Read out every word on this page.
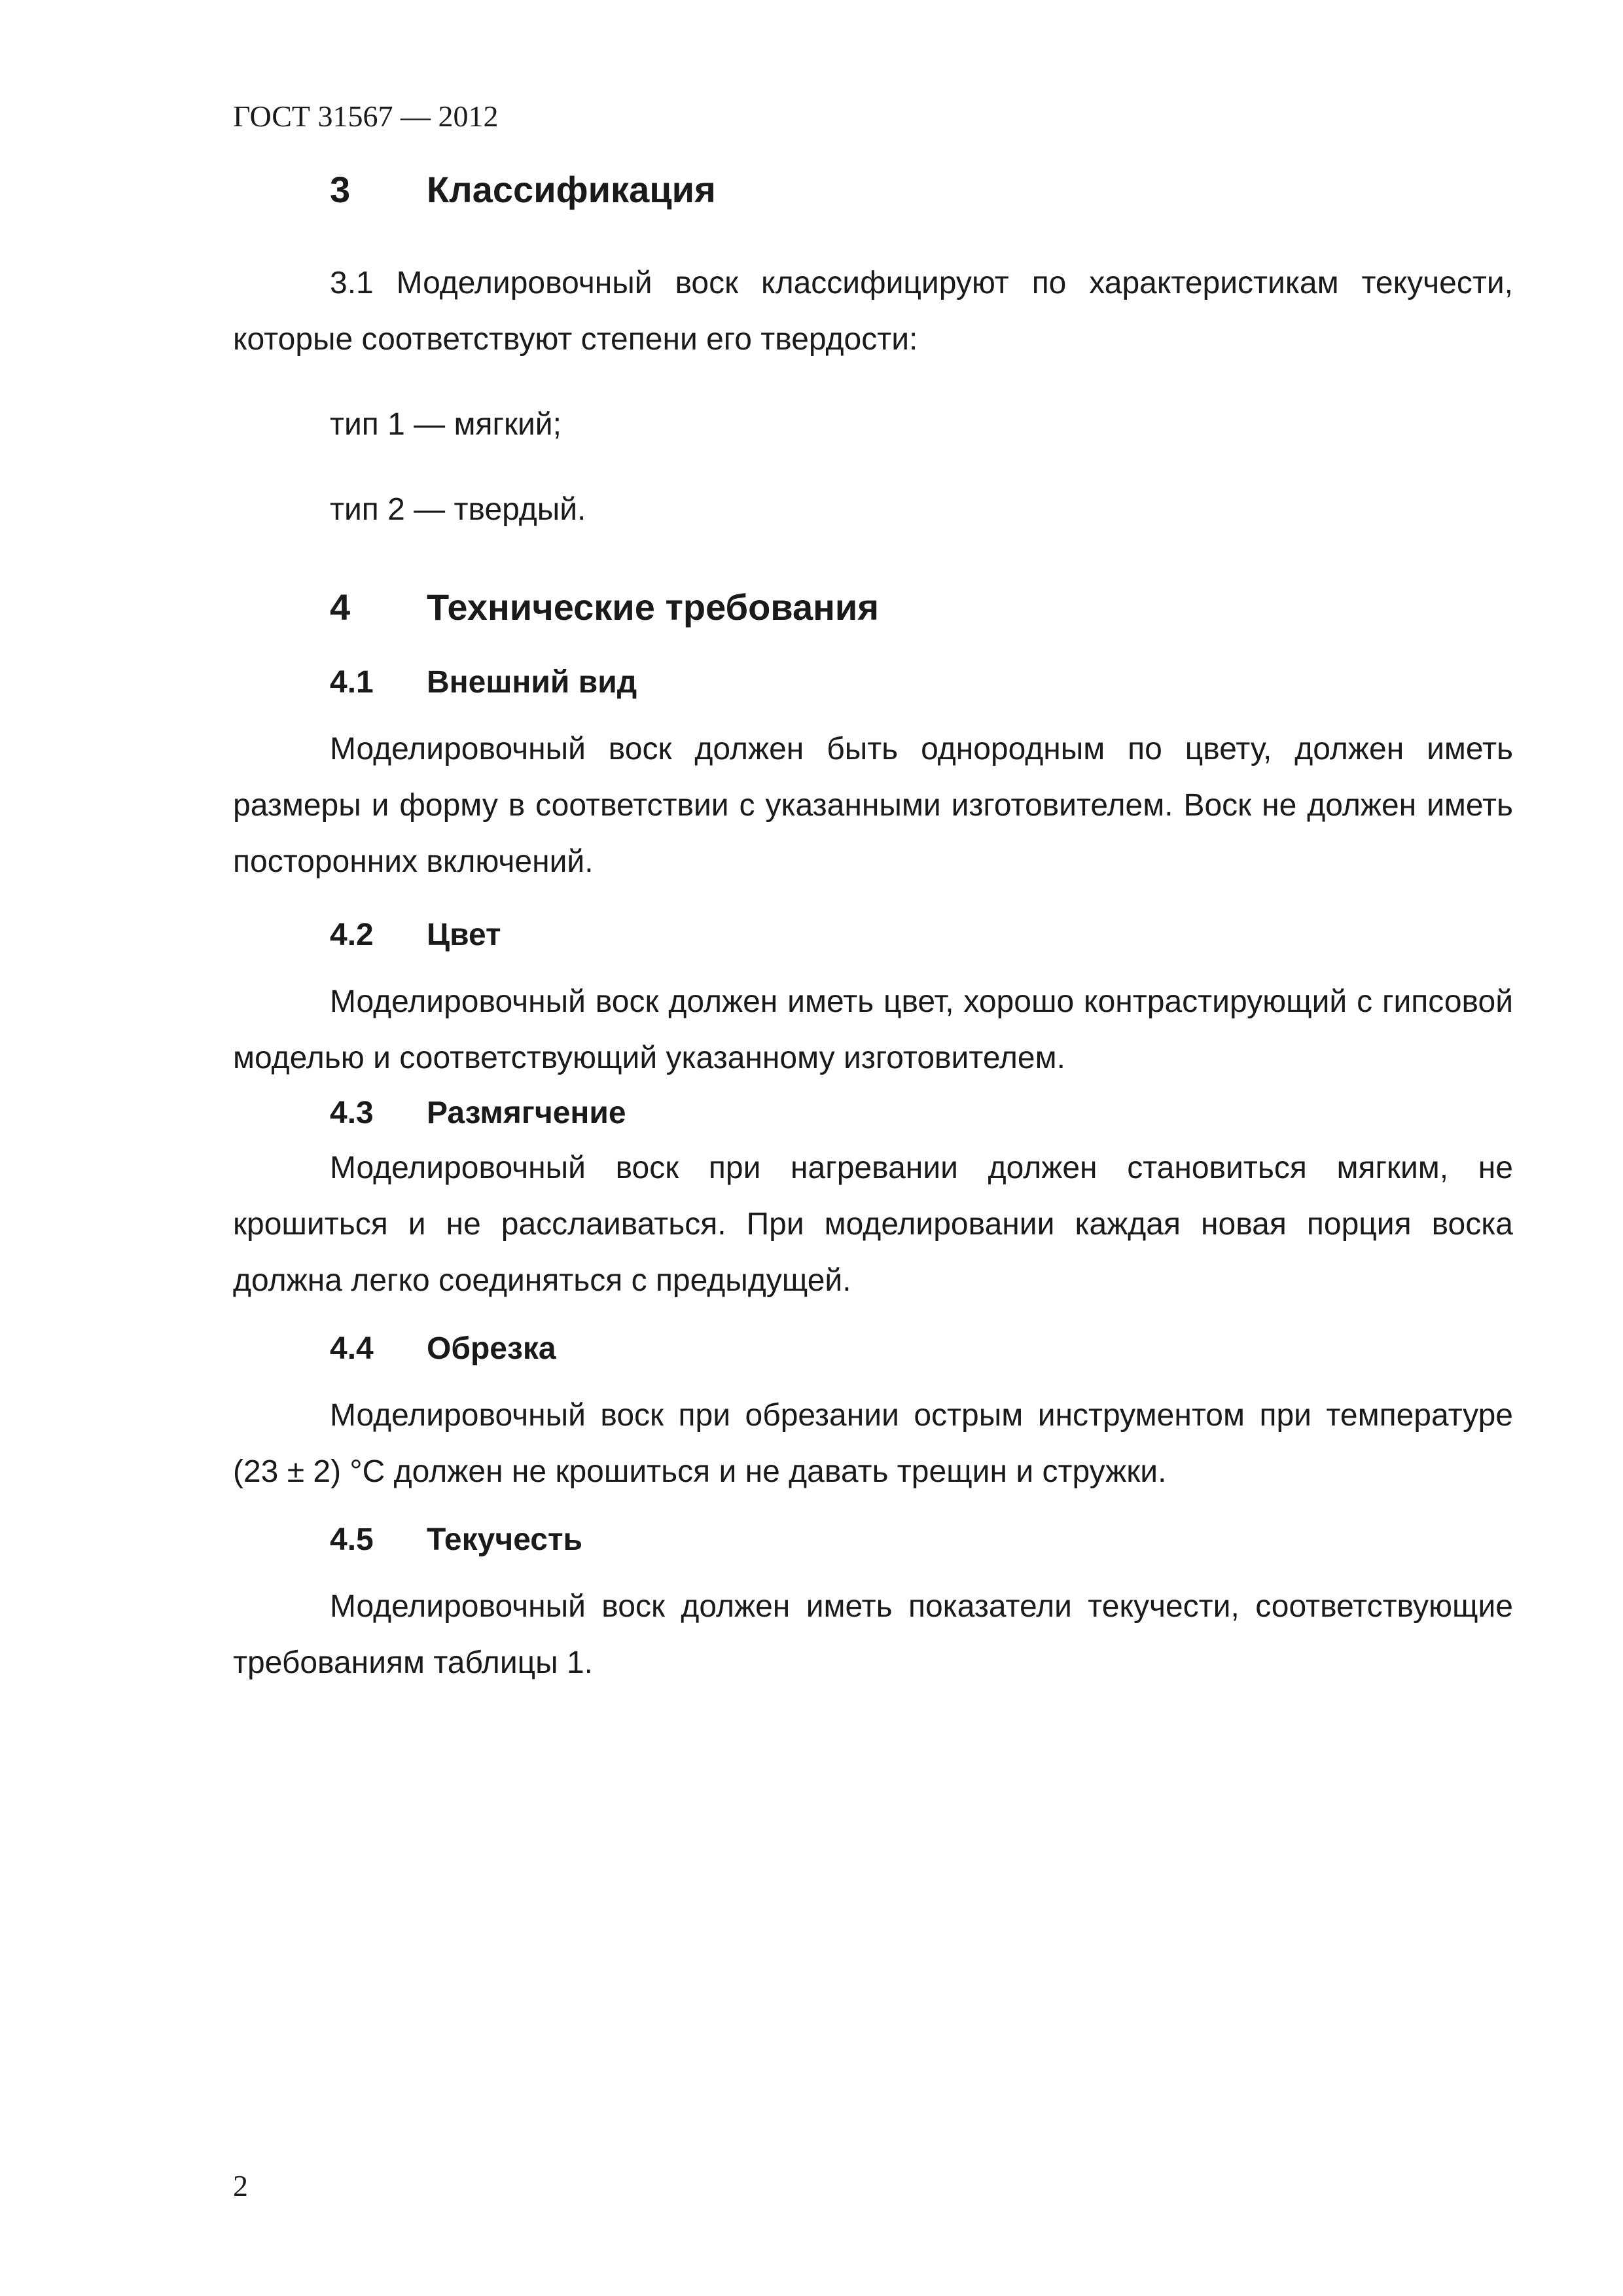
ГОСТ 31567 — 2012
3	Классификация

3.1 Моделировочный воск классифицируют по характеристикам текучести, которые соответствуют степени его твердости:

тип 1 — мягкий;

тип 2 — твердый.

4	Технические требования
4.1	Внешний вид

Моделировочный воск должен быть однородным по цвету, должен иметь размеры и форму в соответствии с указанными изготовителем. Воск не должен иметь посторонних включений.

4.2	Цвет

Моделировочный воск должен иметь цвет, хорошо контрастирующий с гипсовой моделью и соответствующий указанному изготовителем.

4.3	Размягчение

Моделировочный воск при нагревании должен становиться мягким, не крошиться и не расслаиваться. При моделировании каждая новая порция воска должна легко соединяться с предыдущей.

4.4	Обрезка

Моделировочный воск при обрезании острым инструментом при температуре (23 ± 2) °С должен не крошиться и не давать трещин и стружки.

4.5	Текучесть

Моделировочный воск должен иметь показатели текучести, соответствующие требованиям таблицы 1.

2
